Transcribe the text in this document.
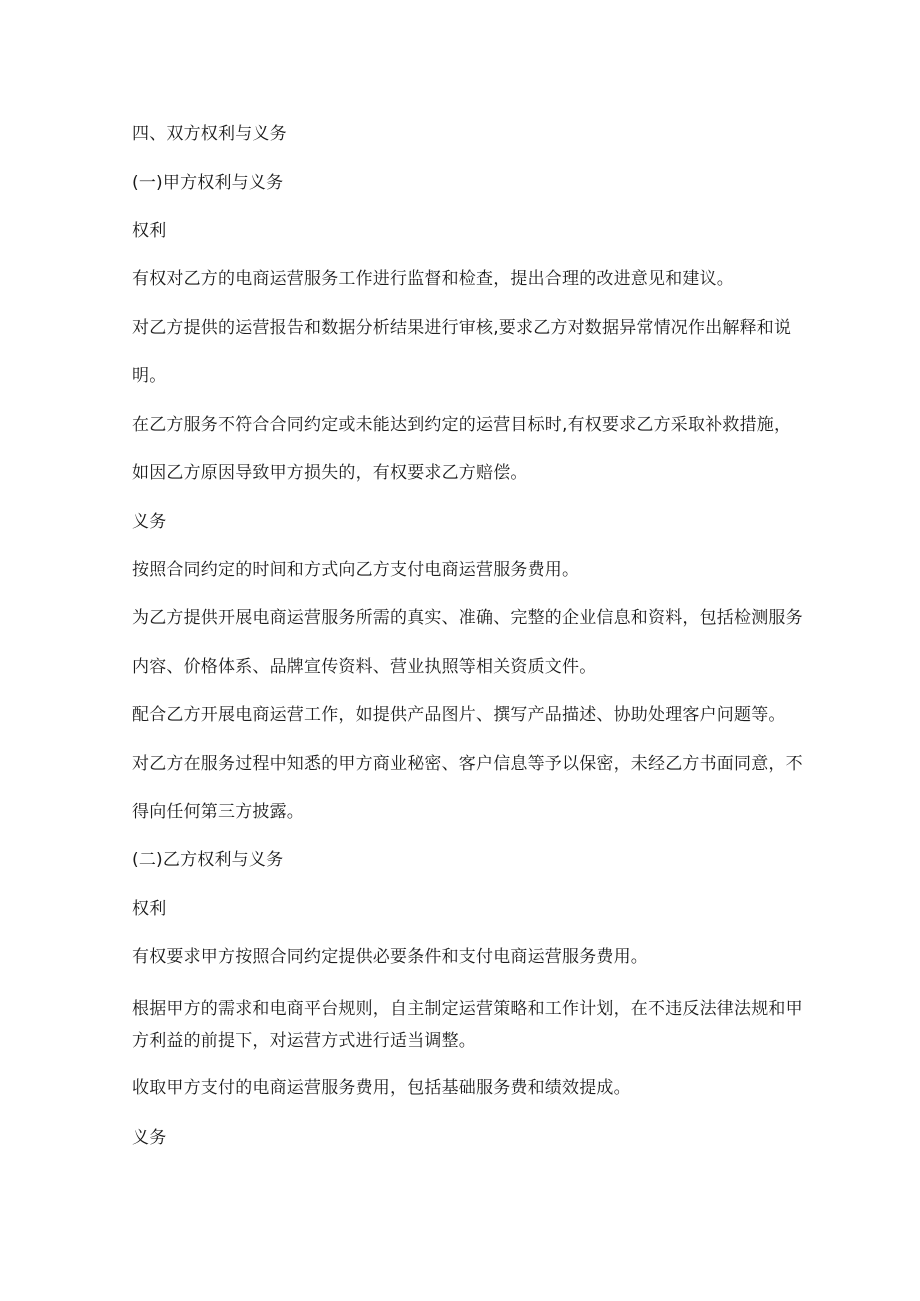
四、双方权利与义务
(一)甲方权利与义务
权利
有权对乙方的电商运营服务工作进行监督和检查，提出合理的改进意见和建议。
对乙方提供的运营报告和数据分析结果进行审核,要求乙方对数据异常情况作出解释和说
明。
在乙方服务不符合合同约定或未能达到约定的运营目标时,有权要求乙方采取补救措施，
如因乙方原因导致甲方损失的，有权要求乙方赔偿。
义务
按照合同约定的时间和方式向乙方支付电商运营服务费用。
为乙方提供开展电商运营服务所需的真实、准确、完整的企业信息和资料，包括检测服务
内容、价格体系、品牌宣传资料、营业执照等相关资质文件。
配合乙方开展电商运营工作，如提供产品图片、撰写产品描述、协助处理客户问题等。
对乙方在服务过程中知悉的甲方商业秘密、客户信息等予以保密，未经乙方书面同意，不
得向任何第三方披露。
(二)乙方权利与义务
权利
有权要求甲方按照合同约定提供必要条件和支付电商运营服务费用。
根据甲方的需求和电商平台规则，自主制定运营策略和工作计划，在不违反法律法规和甲
方利益的前提下，对运营方式进行适当调整。
收取甲方支付的电商运营服务费用，包括基础服务费和绩效提成。
义务
